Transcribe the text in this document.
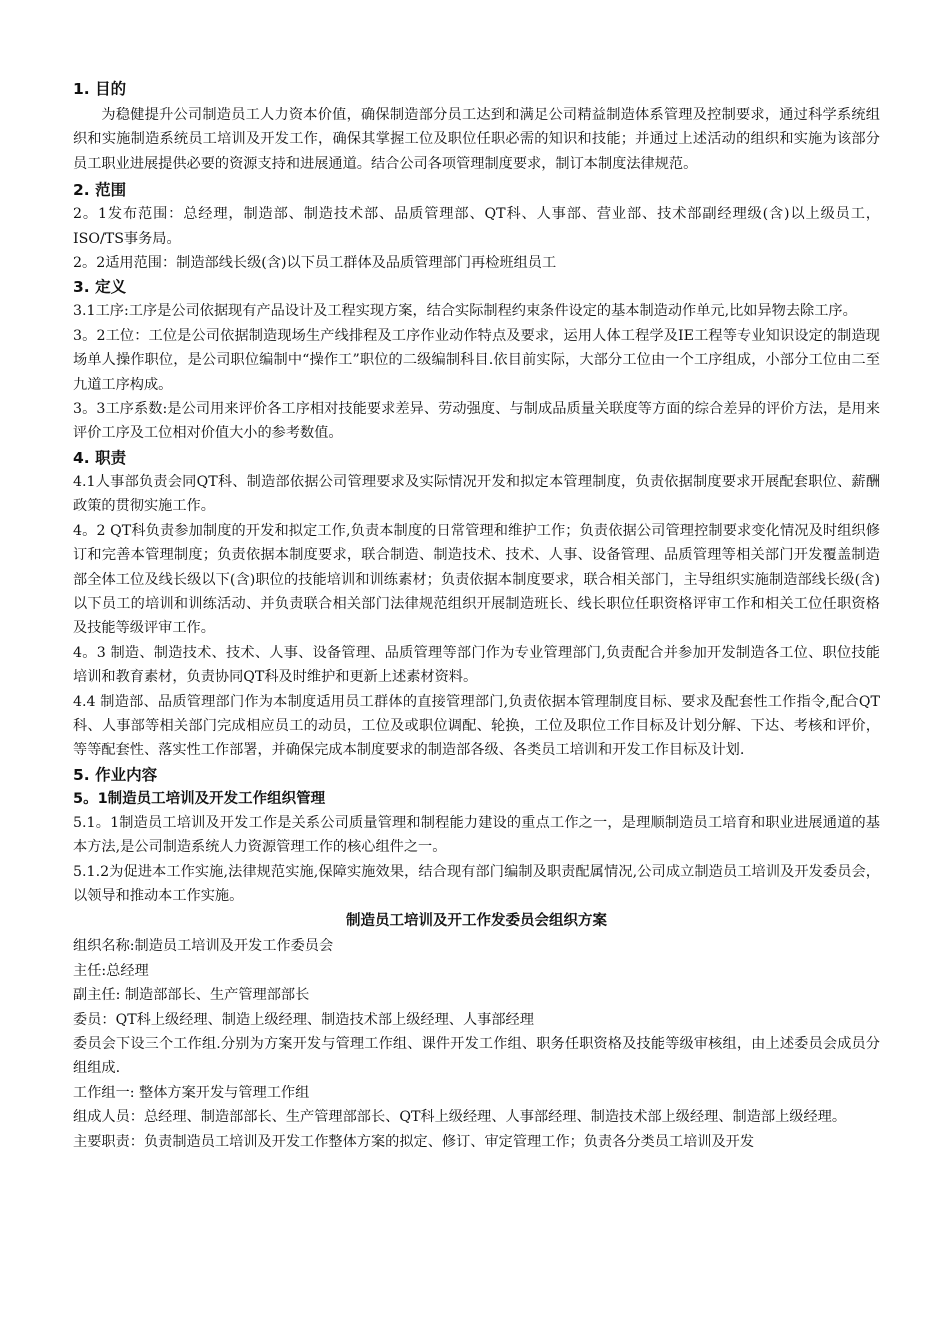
1. 目的
为稳健提升公司制造员工人力资本价值，确保制造部分员工达到和满足公司精益制造体系管理及控制要求，通过科学系统组织和实施制造系统员工培训及开发工作，确保其掌握工位及职位任职必需的知识和技能；并通过上述活动的组织和实施为该部分员工职业进展提供必要的资源支持和进展通道。结合公司各项管理制度要求，制订本制度法律规范。
2. 范围
2。1发布范围：总经理，制造部、制造技术部、品质管理部、QT科、人事部、营业部、技术部副经理级(含)以上级员工，ISO/TS事务局。
2。2适用范围：制造部线长级(含)以下员工群体及品质管理部门再检班组员工
3. 定义
3.1工序:工序是公司依据现有产品设计及工程实现方案，结合实际制程约束条件设定的基本制造动作单元,比如异物去除工序。
3。2工位：工位是公司依据制造现场生产线排程及工序作业动作特点及要求，运用人体工程学及IE工程等专业知识设定的制造现场单人操作职位，是公司职位编制中“操作工”职位的二级编制科目.依目前实际，大部分工位由一个工序组成，小部分工位由二至九道工序构成。
3。3工序系数:是公司用来评价各工序相对技能要求差异、劳动强度、与制成品质量关联度等方面的综合差异的评价方法，是用来评价工序及工位相对价值大小的参考数值。
4. 职责
4.1人事部负责会同QT科、制造部依据公司管理要求及实际情况开发和拟定本管理制度，负责依据制度要求开展配套职位、薪酬政策的贯彻实施工作。
4。2 QT科负责参加制度的开发和拟定工作,负责本制度的日常管理和维护工作；负责依据公司管理控制要求变化情况及时组织修订和完善本管理制度；负责依据本制度要求，联合制造、制造技术、技术、人事、设备管理、品质管理等相关部门开发覆盖制造部全体工位及线长级以下(含)职位的技能培训和训练素材；负责依据本制度要求，联合相关部门，主导组织实施制造部线长级(含)以下员工的培训和训练活动、并负责联合相关部门法律规范组织开展制造班长、线长职位任职资格评审工作和相关工位任职资格及技能等级评审工作。
4。3 制造、制造技术、技术、人事、设备管理、品质管理等部门作为专业管理部门,负责配合并参加开发制造各工位、职位技能培训和教育素材，负责协同QT科及时维护和更新上述素材资料。
4.4 制造部、品质管理部门作为本制度适用员工群体的直接管理部门,负责依据本管理制度目标、要求及配套性工作指令,配合QT科、人事部等相关部门完成相应员工的动员，工位及或职位调配、轮换，工位及职位工作目标及计划分解、下达、考核和评价，等等配套性、落实性工作部署，并确保完成本制度要求的制造部各级、各类员工培训和开发工作目标及计划.
5. 作业内容
5。1制造员工培训及开发工作组织管理
5.1。1制造员工培训及开发工作是关系公司质量管理和制程能力建设的重点工作之一，是理顺制造员工培育和职业进展通道的基本方法,是公司制造系统人力资源管理工作的核心组件之一。
5.1.2为促进本工作实施,法律规范实施,保障实施效果，结合现有部门编制及职责配属情况,公司成立制造员工培训及开发委员会，以领导和推动本工作实施。
制造员工培训及开工作发委员会组织方案
组织名称:制造员工培训及开发工作委员会
主任:总经理
副主任: 制造部部长、生产管理部部长
委员：QT科上级经理、制造上级经理、制造技术部上级经理、人事部经理
委员会下设三个工作组.分别为方案开发与管理工作组、课件开发工作组、职务任职资格及技能等级审核组，由上述委员会成员分组组成.
工作组一: 整体方案开发与管理工作组
组成人员：总经理、制造部部长、生产管理部部长、QT科上级经理、人事部经理、制造技术部上级经理、制造部上级经理。
主要职责：负责制造员工培训及开发工作整体方案的拟定、修订、审定管理工作；负责各分类员工培训及开发
